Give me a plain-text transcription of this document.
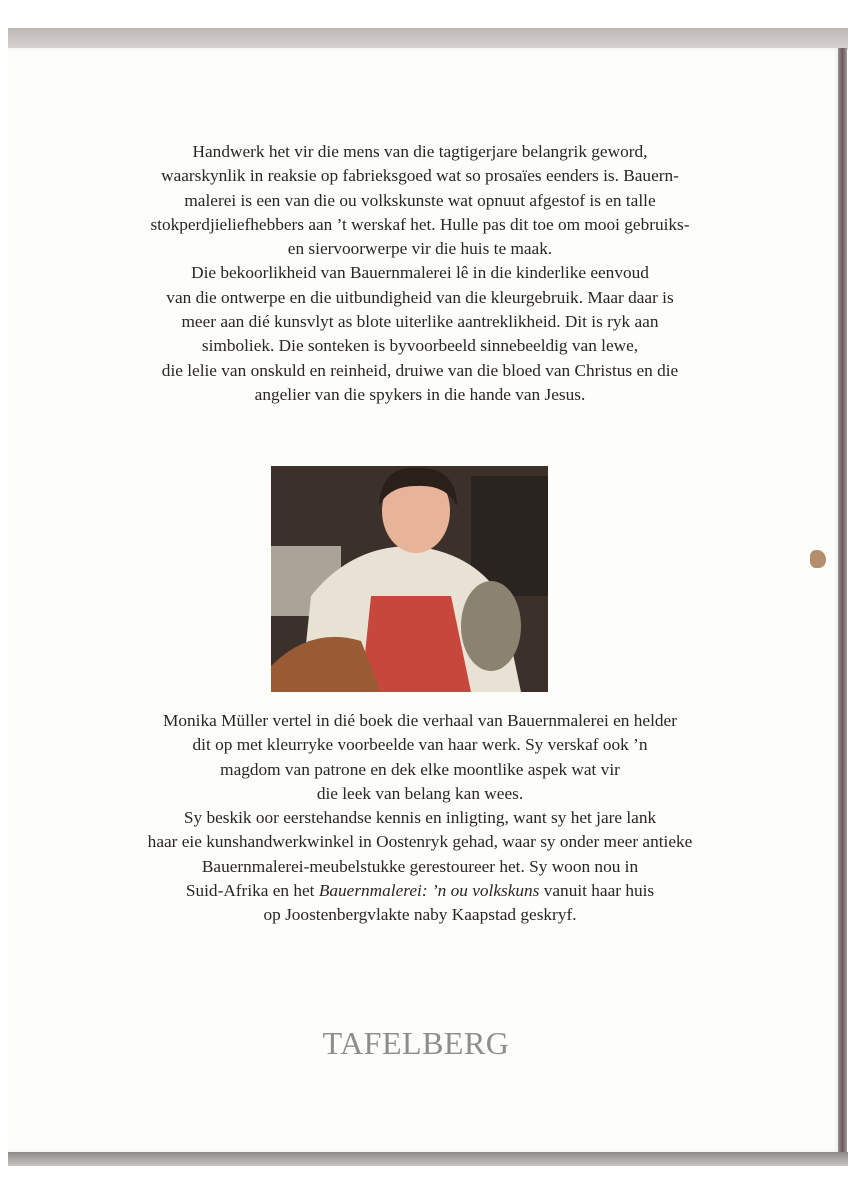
Handwerk het vir die mens van die tagtigerjare belangrik geword,
waarskynlik in reaksie op fabrieksgoed wat so prosaïes eenders is. Bauern-
malerei is een van die ou volkskunste wat opnuut afgestof is en talle
stokperdjieliefhebbers aan ’t werskaf het. Hulle pas dit toe om mooi gebruiks-
en siervoorwerpe vir die huis te maak.
Die bekoorlikheid van Bauernmalerei lê in die kinderlike eenvoud
van die ontwerpe en die uitbundigheid van die kleurgebruik. Maar daar is
meer aan dié kunsvlyt as blote uiterlike aantreklikheid. Dit is ryk aan
simboliek. Die sonteken is byvoorbeeld sinnebeeldig van lewe,
die lelie van onskuld en reinheid, druiwe van die bloed van Christus en die
angelier van die spykers in die hande van Jesus.
Monika Müller vertel in dié boek die verhaal van Bauernmalerei en helder
dit op met kleurryke voorbeelde van haar werk. Sy verskaf ook ’n
magdom van patrone en dek elke moontlike aspek wat vir
die leek van belang kan wees.
Sy beskik oor eerstehandse kennis en inligting, want sy het jare lank
haar eie kunshandwerkwinkel in Oostenryk gehad, waar sy onder meer antieke
Bauernmalerei-meubelstukke gerestoureer het. Sy woon nou in
Suid-Afrika en het Bauernmalerei: ’n ou volkskuns vanuit haar huis
op Joostenbergvlakte naby Kaapstad geskryf.
TAFELBERG
